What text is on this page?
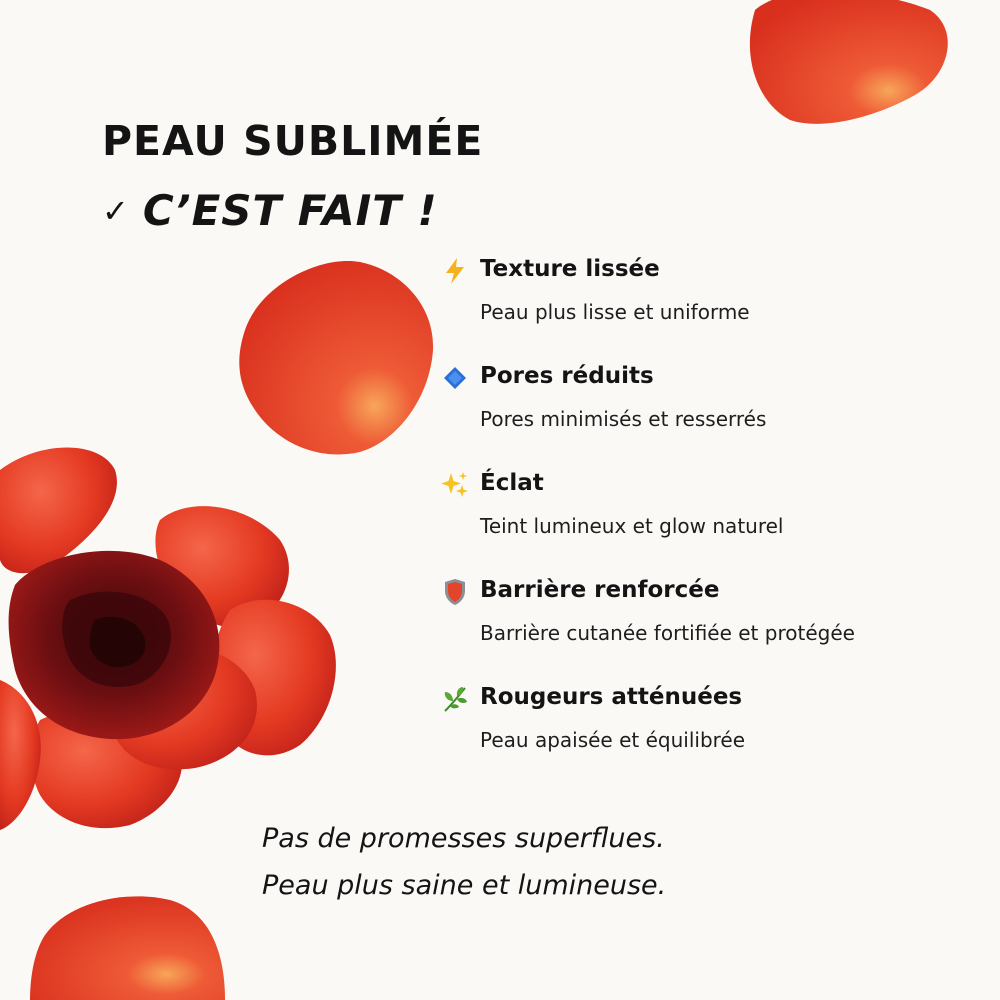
PEAU SUBLIMÉE
✓ C’EST FAIT !
Texture lissée
Peau plus lisse et uniforme
Pores réduits
Pores minimisés et resserrés
Éclat
Teint lumineux et glow naturel
Barrière renforcée
Barrière cutanée fortifiée et protégée
Rougeurs atténuées
Peau apaisée et équilibrée
Pas de promesses superflues.
Peau plus saine et lumineuse.
